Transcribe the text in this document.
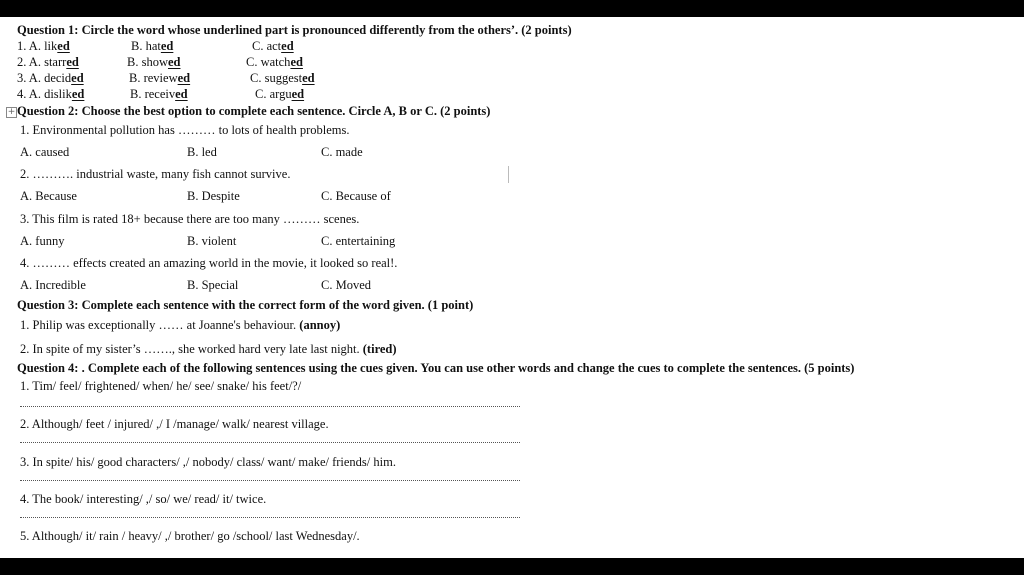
Question 1: Circle the word whose underlined part is pronounced differently from the others’. (2 points)
1. A. liked	B. hated	C. acted
2. A. starred	B. showed	C. watched
3. A. decided	B. reviewed	C. suggested
4. A. disliked	B. received	C. argued
+ Question 2: Choose the best option to complete each sentence. Circle A, B or C. (2 points)
1. Environmental pollution has ……… to lots of health problems.
A. caused	B. led	C. made
2. ………. industrial waste, many fish cannot survive.
A. Because	B. Despite	C. Because of
3. This film is rated 18+ because there are too many ……… scenes.
A. funny	B. violent	C. entertaining
4. ……… effects created an amazing world in the movie, it looked so real!.
A. Incredible	B. Special	C. Moved
Question 3: Complete each sentence with the correct form of the word given. (1 point)
1. Philip was exceptionally …… at Joanne's behaviour. (annoy)
2. In spite of my sister’s ……., she worked hard very late last night. (tired)
Question 4: . Complete each of the following sentences using the cues given. You can use other words and change the cues to complete the sentences. (5 points)
1. Tim/ feel/ frightened/ when/ he/ see/ snake/ his feet/?/
2. Although/ feet / injured/ ,/ I /manage/ walk/ nearest village.
3. In spite/ his/ good characters/ ,/ nobody/ class/ want/ make/ friends/ him.
4. The book/ interesting/ ,/ so/ we/ read/ it/ twice.
5. Although/ it/ rain / heavy/ ,/ brother/ go /school/ last Wednesday/.
